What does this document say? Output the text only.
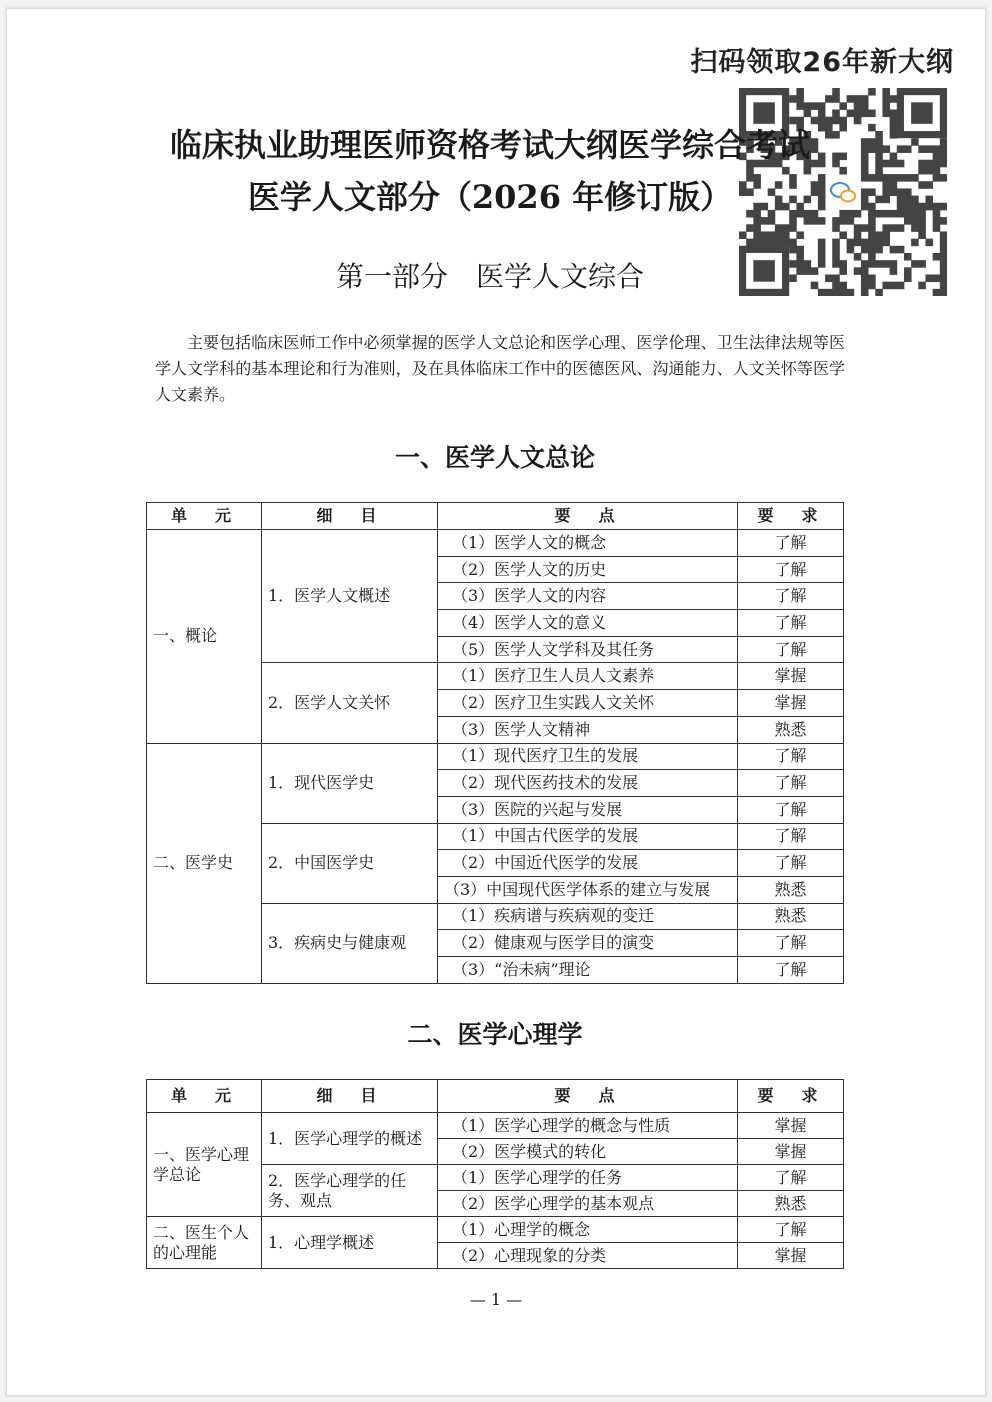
扫码领取26年新大纲
临床执业助理医师资格考试大纲医学综合考试
医学人文部分（2026 年修订版）
第一部分　医学人文综合
主要包括临床医师工作中必须掌握的医学人文总论和医学心理、医学伦理、卫生法律法规等医学人文学科的基本理论和行为准则，及在具体临床工作中的医德医风、沟通能力、人文关怀等医学人文素养。
一、医学人文总论
单　元	细　目	要　点	要　求
一、概论	1．医学人文概述	（1）医学人文的概念	了解
		（2）医学人文的历史	了解
		（3）医学人文的内容	了解
		（4）医学人文的意义	了解
		（5）医学人文学科及其任务	了解
	2．医学人文关怀	（1）医疗卫生人员人文素养	掌握
		（2）医疗卫生实践人文关怀	掌握
		（3）医学人文精神	熟悉
二、医学史	1．现代医学史	（1）现代医疗卫生的发展	了解
		（2）现代医药技术的发展	了解
		（3）医院的兴起与发展	了解
	2．中国医学史	（1）中国古代医学的发展	了解
		（2）中国近代医学的发展	了解
		（3）中国现代医学体系的建立与发展	熟悉
	3．疾病史与健康观	（1）疾病谱与疾病观的变迁	熟悉
		（2）健康观与医学目的演变	了解
		（3）“治未病”理论	了解
二、医学心理学
单　元	细　目	要　点	要　求
一、医学心理学总论	1．医学心理学的概述	（1）医学心理学的概念与性质	掌握
		（2）医学模式的转化	掌握
	2．医学心理学的任务、观点	（1）医学心理学的任务	了解
		（2）医学心理学的基本观点	熟悉
二、医生个人的心理能	1．心理学概述	（1）心理学的概念	了解
		（2）心理现象的分类	掌握
— 1 —
